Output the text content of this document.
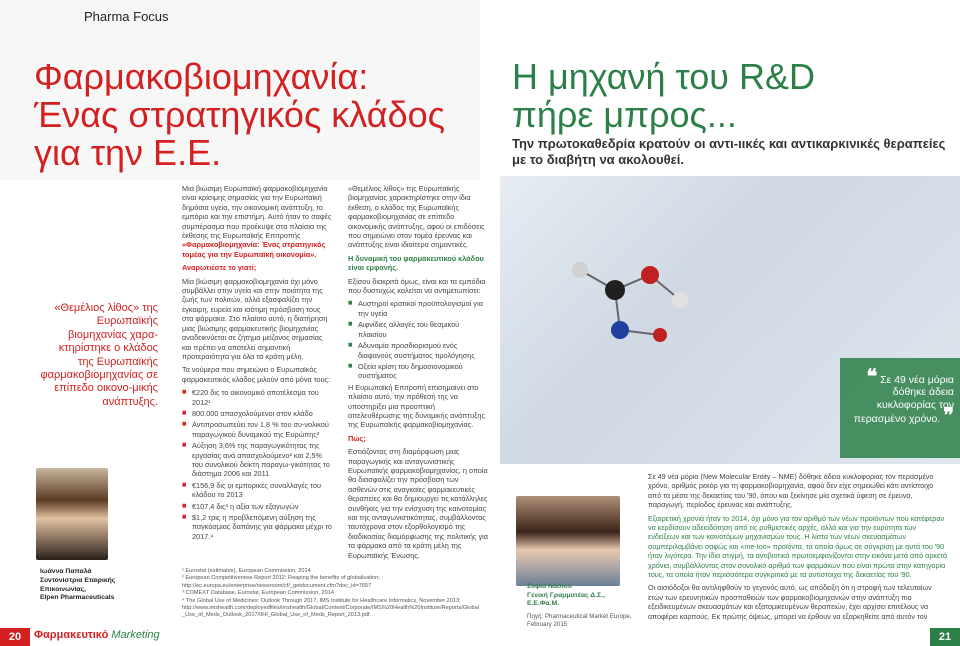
Pharma Focus
Φαρμακοβιομηχανία:
Ένας στρατηγικός κλάδος
για την Ε.Ε.
Η μηχανή του R&D
πήρε μπρος...
Την πρωτοκαθεδρία κρατούν οι αντι-ιικές και αντικαρκινικές θεραπείες με το διαβήτη να ακολουθεί.
«Θεμέλιος λίθος» της Ευρωπαϊκής βιομηχανίας χαρα-κτηρίστηκε ο κλάδος της Ευρωπαϊκής φαρμακοβιομηχανίας σε επίπεδο οικονο-μικής ανάπτυξης.
Ιωάννα Παπαλά
Συντονίστρια Εταιρικής Επικοινωνίας,
Elpen Pharmaceuticals

Μια βιώσιμη Ευρωπαϊκή φαρμακοβιομηχανία είναι κρίσιμης σημασίας για την Ευρωπαϊκή δημόσια υγεία, την οικονομική ανάπτυξη, το εμπόριο και την επιστήμη. Αυτό ήταν το σαφές συμπέρασμα που προέκυψε στα πλαίσια της έκθεσης της Ευρωπαϊκής Επιτροπής «Φαρμακοβιομηχανία: Ένας στρατηγικός τομέας για την Ευρωπαϊκή οικονομία».

Αναρωτιέστε το γιατί;

Μία βιώσιμη φαρμακοβιομηχανία όχι μόνο συμβάλλει στην υγεία και στην ποιότητα της ζωής των πολιτών, αλλά εξασφαλίζει την έγκαιρη, ευρεία και ισότιμη πρόσβαση τους στα φάρμακα. Στο πλαίσιο αυτό, η διατήρηση μιας βιώσιμης φαρμακευτικής βιομηχανίας αναδεικνύεται σε ζήτημα μείζονος σημασίας και πρέπει να αποτελεί σημαντική προτεραιότητα για όλα τα κράτη μέλη.

Τα νούμερα που σημειώνει ο Ευρωπαϊκός φαρμακευτικός κλάδος μιλούν από μόνα τους:

▮▮ €220 δις το οικονομικό αποτέλεσμα του 2012¹
▮▮ 800.000 απασχολούμενοι στον κλάδο
▮▮ Αντιπροσωπεύει τον 1,8 % του συ-νολικού παραγωγικού δυναμικού της Ευρώπης²
▮▮ Αύξηση 3,6% της παραγωγικότητας της εργασίας ανά απασχολούμενο² και 2,5% του συνολικού δείκτη παραγω-γικότητας το διάστημα 2006 και 2011
▮▮ €156,9 δις οι εμπορικές συναλλαγές του κλάδου το 2013
▮▮ €107,4 δις³ η αξία των εξαγωγών
▮▮ $1,2 τρις η προβλεπόμενη αύξηση της παγκόσμιας δαπάνης για φάρμακα μέχρι το 2017.⁴

«Θεμέλιος λίθος» της Ευρωπαϊκής βιομηχανίας χαρακτηρίστηκε στην ίδια έκθεση, ο κλάδος της Ευρωπαϊκής φαρμακοβιομηχανίας σε επίπεδο οικονομικής ανάπτυξης, αφού οι επιδόσεις που σημειώνει στον τομέα έρευνας και ανάπτυξης είναι ιδιαίτερα σημαντικές.

Η δυναμική του φαρμακευτικού κλάδου είναι εμφανής.

Εξίσου διακριτά όμως, είναι και τα εμπόδια που δυστυχώς καλείται να αντιμετωπίσει:

▮▮ Αυστηροί κρατικοί προϋπολογισμοί για την υγεία
▮▮ Αιφνίδιες αλλαγές του θεσμικού πλαισίου
▮▮ Αδυναμία προσδιορισμού ενός διαφανούς συστήματος τιμολόγησης
▮▮ Οξεία κρίση του δημοσιονομικού συστήματος

Η Ευρωπαϊκή Επιτροπή επισημαίνει στο πλαίσιο αυτό, την πρόθεσή της να υποστηρίξει μια προοπτική απελευθέρωσης της δυναμικής ανάπτυξης της Ευρωπαϊκής φαρμακοβιομηχανίας.

Πώς;

Εστιάζοντας στη διαμόρφωση μιας παραγωγικής και ανταγωνιστικής Ευρωπαϊκής φαρμακοβιομηχανίας, η οποία θα διασφαλίζει την πρόσβαση των ασθενών στις αναγκαίες φαρμακευτικές θεραπείες και θα δημιουργεί τις κατάλληλες συνθήκες για την ενίσχυση της καινοτομίας και της ανταγωνιστικότητας, συμβάλλοντας ταυτόχρονα στον εξορθολογισμό της διαδικασίας διαμόρφωσης της πολιτικής για τα φάρμακα από τα κράτη μέλη της Ευρωπαϊκής Ένωσης.

¹ Eurostat (estimates), European Commission, 2014
² European Competitiveness Report 2012: Reaping the benefits of globalisation;
http://ec.europa.eu/enterprise/newsroom/cf/_getdocument.cfm?doc_id=7657
³ COMEXT Database, Eurostat, European Commission, 2014
⁴ The Global Use of Medicines: Outlook Through 2017, IMS Institute for Healthcare Informatics, November 2013;
http://www.imshealth.com/deployedfiles/imshealth/Global/Content/Corporate/IMS%20Health%20Institute/Reports/Global_Use_of_Meds_Outlook_2017/IIHI_Global_Use_of_Meds_Report_2013.pdf.
❝ Σε 49 νέα μόρια δόθηκε άδεια κυκλοφορίας τον περασμένο χρόνο. ❞
Σοφία Νάσιου
Γενική Γραμματέας Δ.Σ.,
Ε.Ε.Φα.Μ.
Πηγή: Pharmaceutical Market Europe, February 2015

Σε 49 νέα μόρια (New Molecular Entity – NME) δόθηκε άδεια κυκλοφορίας τον περασμένο χρόνο, αριθμός ρεκόρ για τη φαρμακοβιομηχανία, αφού δεν είχε σημειωθεί κάτι αντίστοιχο από τα μέσα της δεκαετίας του '90, όπου και ξεκίνησε μία σχετικά ύφεση σε έρευνα, παραγωγή, περίοδος έρευνας και ανάπτυξης.

Εξαιρετική χρονιά ήταν το 2014, όχι μόνο για τον αριθμό των νέων προϊόντων που κατέφεραν να κερδίσουν αδειοδότηση από τις ρυθμιστικές αρχές, αλλά και για την ευρύτητα των ενδείξεων και των καινοτόμων μηχανισμών τους. Η λίστα των νέων σκευασμάτων συμπεριλαμβάνει σαφώς και «me-too» προϊόντα, τα οποία όμως σε σύγκριση με αυτά του '90 ήταν λιγότερα. Την ίδια στιγμή, τα αντιβιοτικά πρωτοεμφανίζονται στην εικόνα μετά από αρκετά χρόνια, συμβάλλοντας στον συνολικό αριθμό των φαρμάκων που είναι πρώτα στην κατηγορία τους, τα οποία ήταν περισσότερα συγκριτικά με τα αντίστοιχα της δεκαετίας του '90.

Οι αισιόδοξοι θα αντιληφθούν το γεγονός αυτό, ως απόδειξη ότι η στροφή των τελευταίων ετών των ερευνητικών προσπαθειών των φαρμακοβιομηχανιών στην ανάπτυξη πιο εξειδικευμένων σκευασμάτων και εξατομικευμένων θεραπειών, έχει αρχίσει επιτέλους να αποφέρει καρπούς. Εκ πρώτης όψεως, μπορεί να έρθουν να εξαρκηθείτε από αυτόν τον

20	Φαρμακευτικό Marketing	21
